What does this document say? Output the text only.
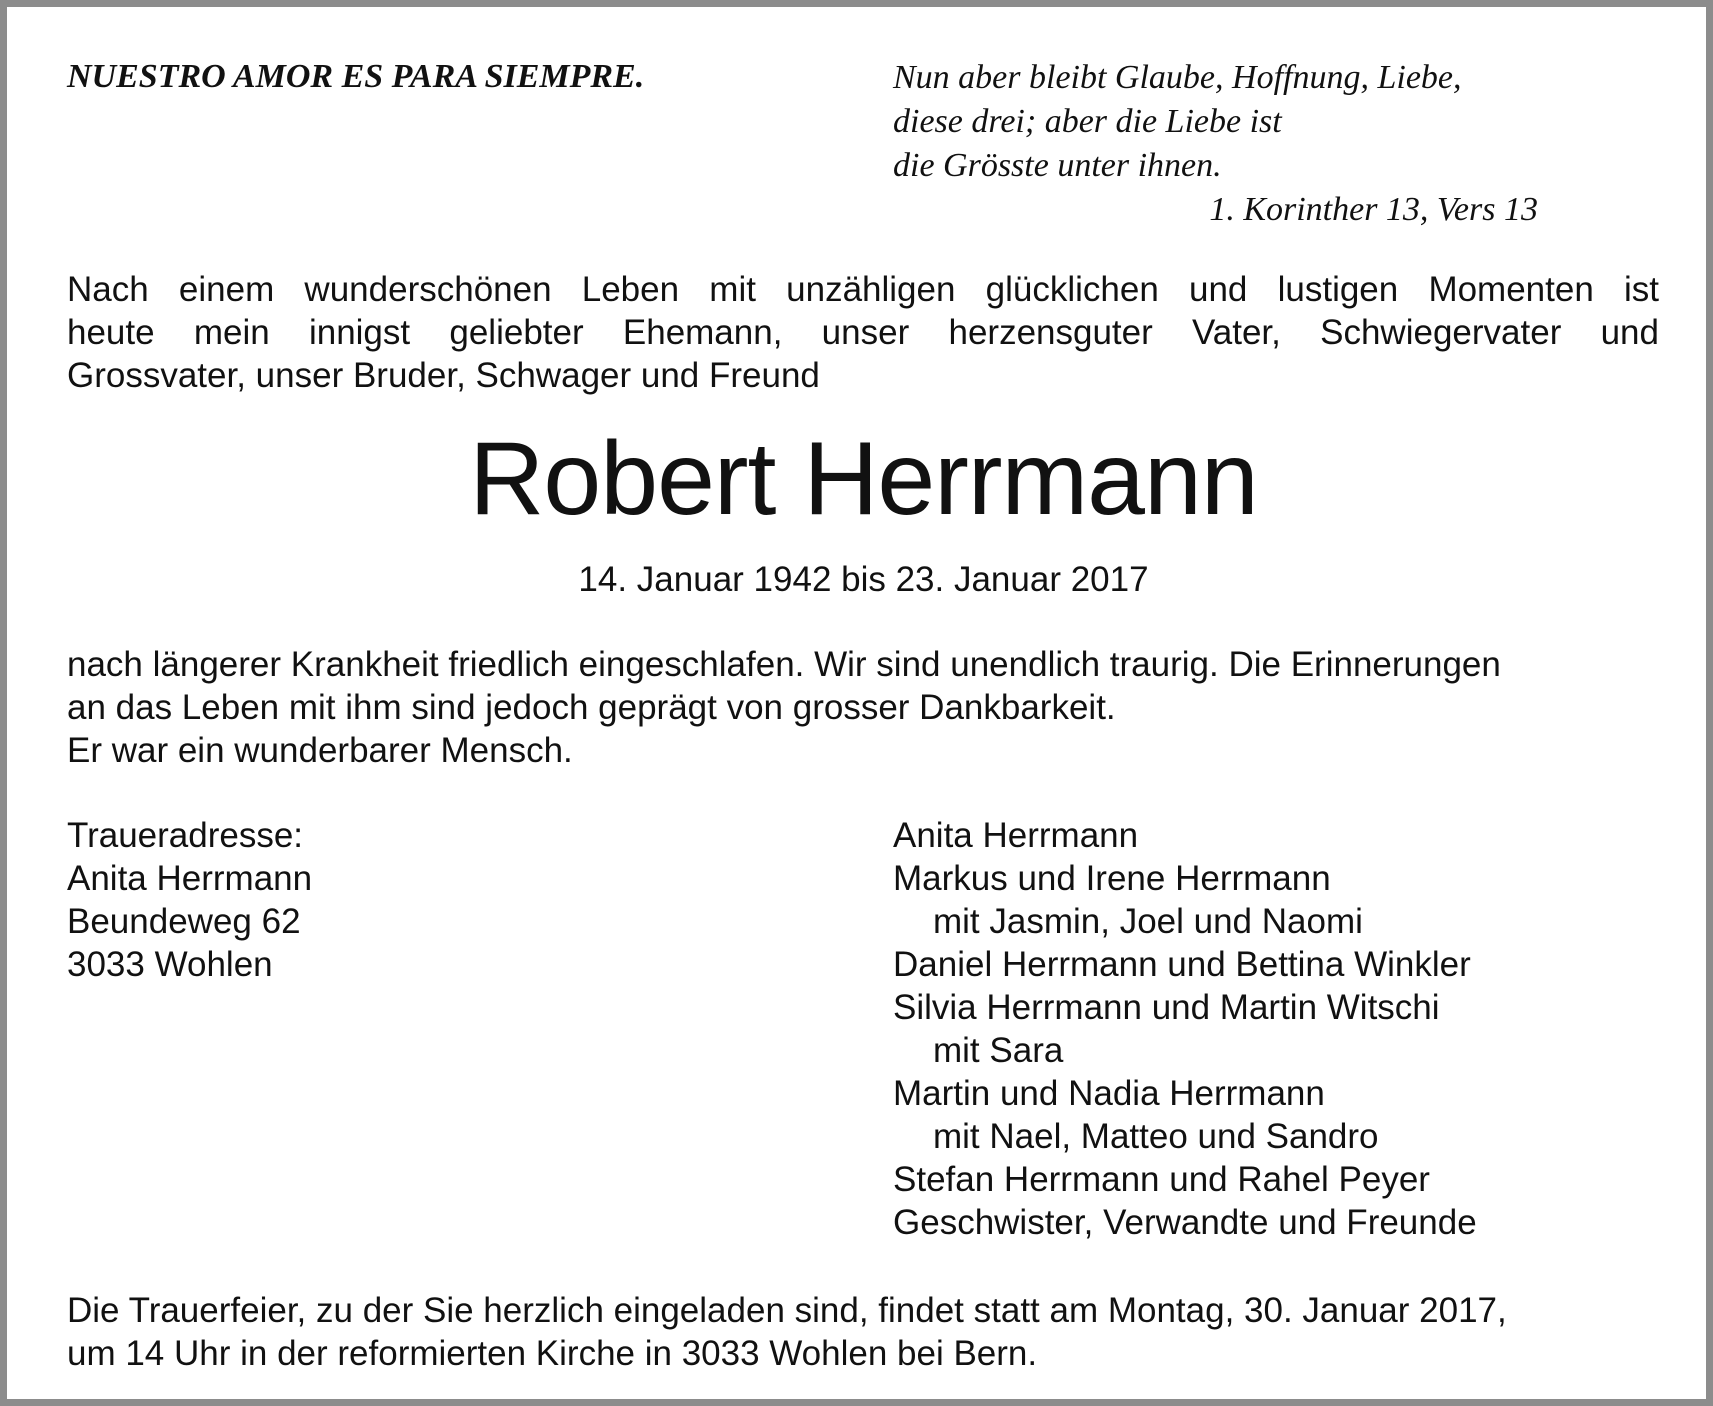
NUESTRO AMOR ES PARA SIEMPRE.	Nun aber bleibt Glaube, Hoffnung, Liebe,
diese drei; aber die Liebe ist
die Grösste unter ihnen.
1. Korinther 13, Vers 13
Nach einem wunderschönen Leben mit unzähligen glücklichen und lustigen Momenten ist
heute mein innigst geliebter Ehemann, unser herzensguter Vater, Schwiegervater und
Grossvater, unser Bruder, Schwager und Freund
Robert Herrmann
14. Januar 1942 bis 23. Januar 2017
nach längerer Krankheit friedlich eingeschlafen. Wir sind unendlich traurig. Die Erinnerungen
an das Leben mit ihm sind jedoch geprägt von grosser Dankbarkeit.
Er war ein wunderbarer Mensch.
Traueradresse:
Anita Herrmann
Beundeweg 62
3033 Wohlen
Anita Herrmann
Markus und Irene Herrmann
mit Jasmin, Joel und Naomi
Daniel Herrmann und Bettina Winkler
Silvia Herrmann und Martin Witschi
mit Sara
Martin und Nadia Herrmann
mit Nael, Matteo und Sandro
Stefan Herrmann und Rahel Peyer
Geschwister, Verwandte und Freunde
Die Trauerfeier, zu der Sie herzlich eingeladen sind, findet statt am Montag, 30. Januar 2017,
um 14 Uhr in der reformierten Kirche in 3033 Wohlen bei Bern.
